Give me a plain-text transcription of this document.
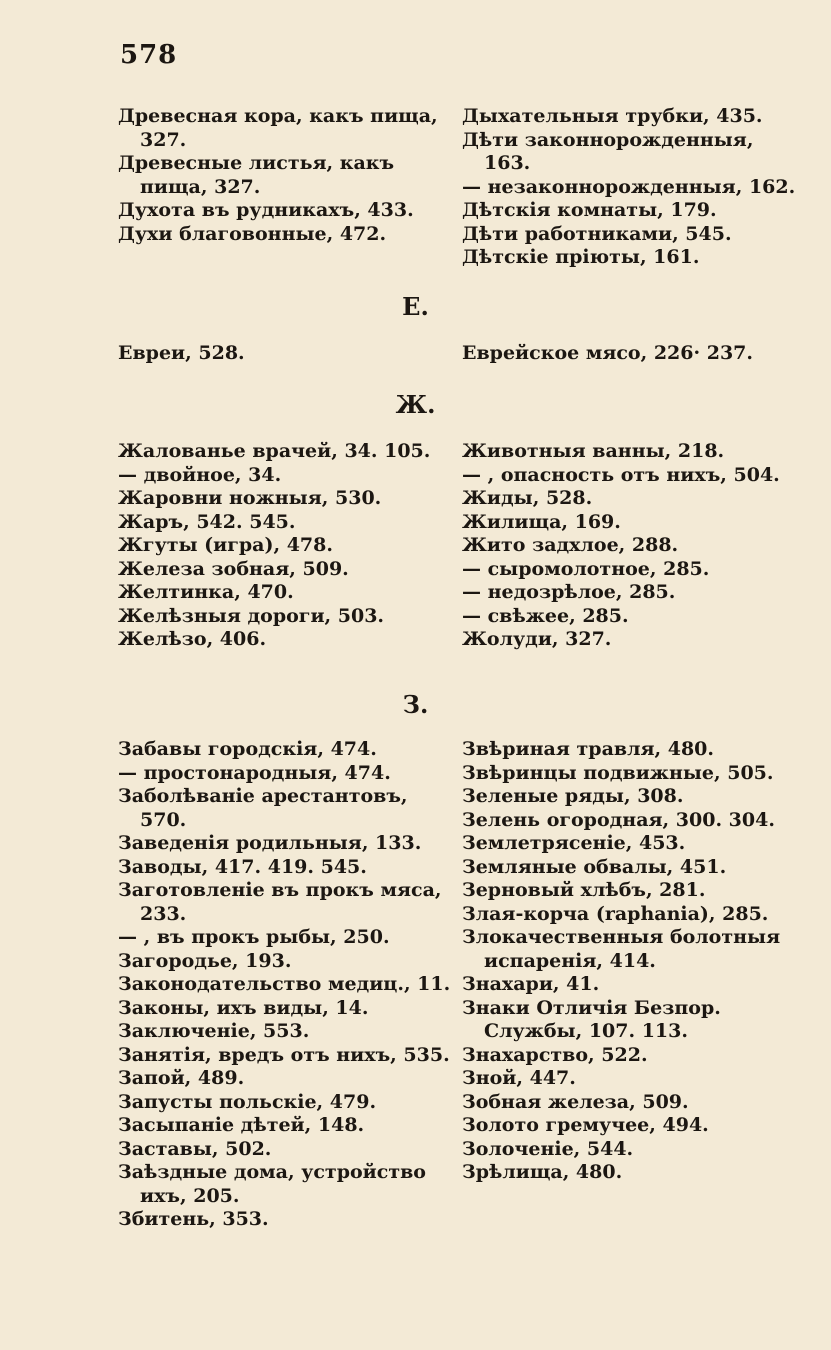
578

Древесная кора, какъ пища, 327.

Древесные листья, какъ пища, 327.

Духота въ рудникахъ, 433.

Духи благовонные, 472.

Дыхательныя трубки, 435.

Дѣти законнорожденныя, 163.

— незаконнорожденныя, 162.

Дѣтскія комнаты, 179.

Дѣти работниками, 545.

Дѣтскіе пріюты, 161.

Е.

Евреи, 528.	Еврейское мясо, 226· 237.

Ж.

Жалованье врачей, 34. 105.

— двойное, 34.

Жаровни ножныя, 530.

Жаръ, 542. 545.

Жгуты (игра), 478.

Железа зобная, 509.

Желтинка, 470.

Желѣзныя дороги, 503.

Желѣзо, 406.

Животныя ванны, 218.

— , опасность отъ нихъ, 504.

Жиды, 528.

Жилища, 169.

Жито задхлое, 288.

— сыромолотное, 285.

— недозрѣлое, 285.

— свѣжее, 285.

Жолуди, 327.

З.

Забавы городскія, 474.

— простонародныя, 474.

Заболѣваніе арестантовъ, 570.

Заведенія родильныя, 133.

Заводы, 417. 419. 545.

Заготовленіе въ прокъ мяса, 233.

— , въ прокъ рыбы, 250.

Загородье, 193.

Законодательство медиц., 11.

Законы, ихъ виды, 14.

Заключеніе, 553.

Занятія, вредъ отъ нихъ, 535.

Запой, 489.

Запусты польскіе, 479.

Засыпаніе дѣтей, 148.

Заставы, 502.

Заѣздные дома, устройство ихъ, 205.

Збитень, 353.

Звѣриная травля, 480.

Звѣринцы подвижные, 505.

Зеленые ряды, 308.

Зелень огородная, 300. 304.

Землетрясеніе, 453.

Земляные обвалы, 451.

Зерновый хлѣбъ, 281.

Злая-корча (raphania), 285.

Злокачественныя болотныя испаренія, 414.

Знахари, 41.

Знаки Отличія Безпор. Службы, 107. 113.

Знахарство, 522.

Зной, 447.

Зобная железа, 509.

Золото гремучее, 494.

Золоченіе, 544.

Зрѣлища, 480.
